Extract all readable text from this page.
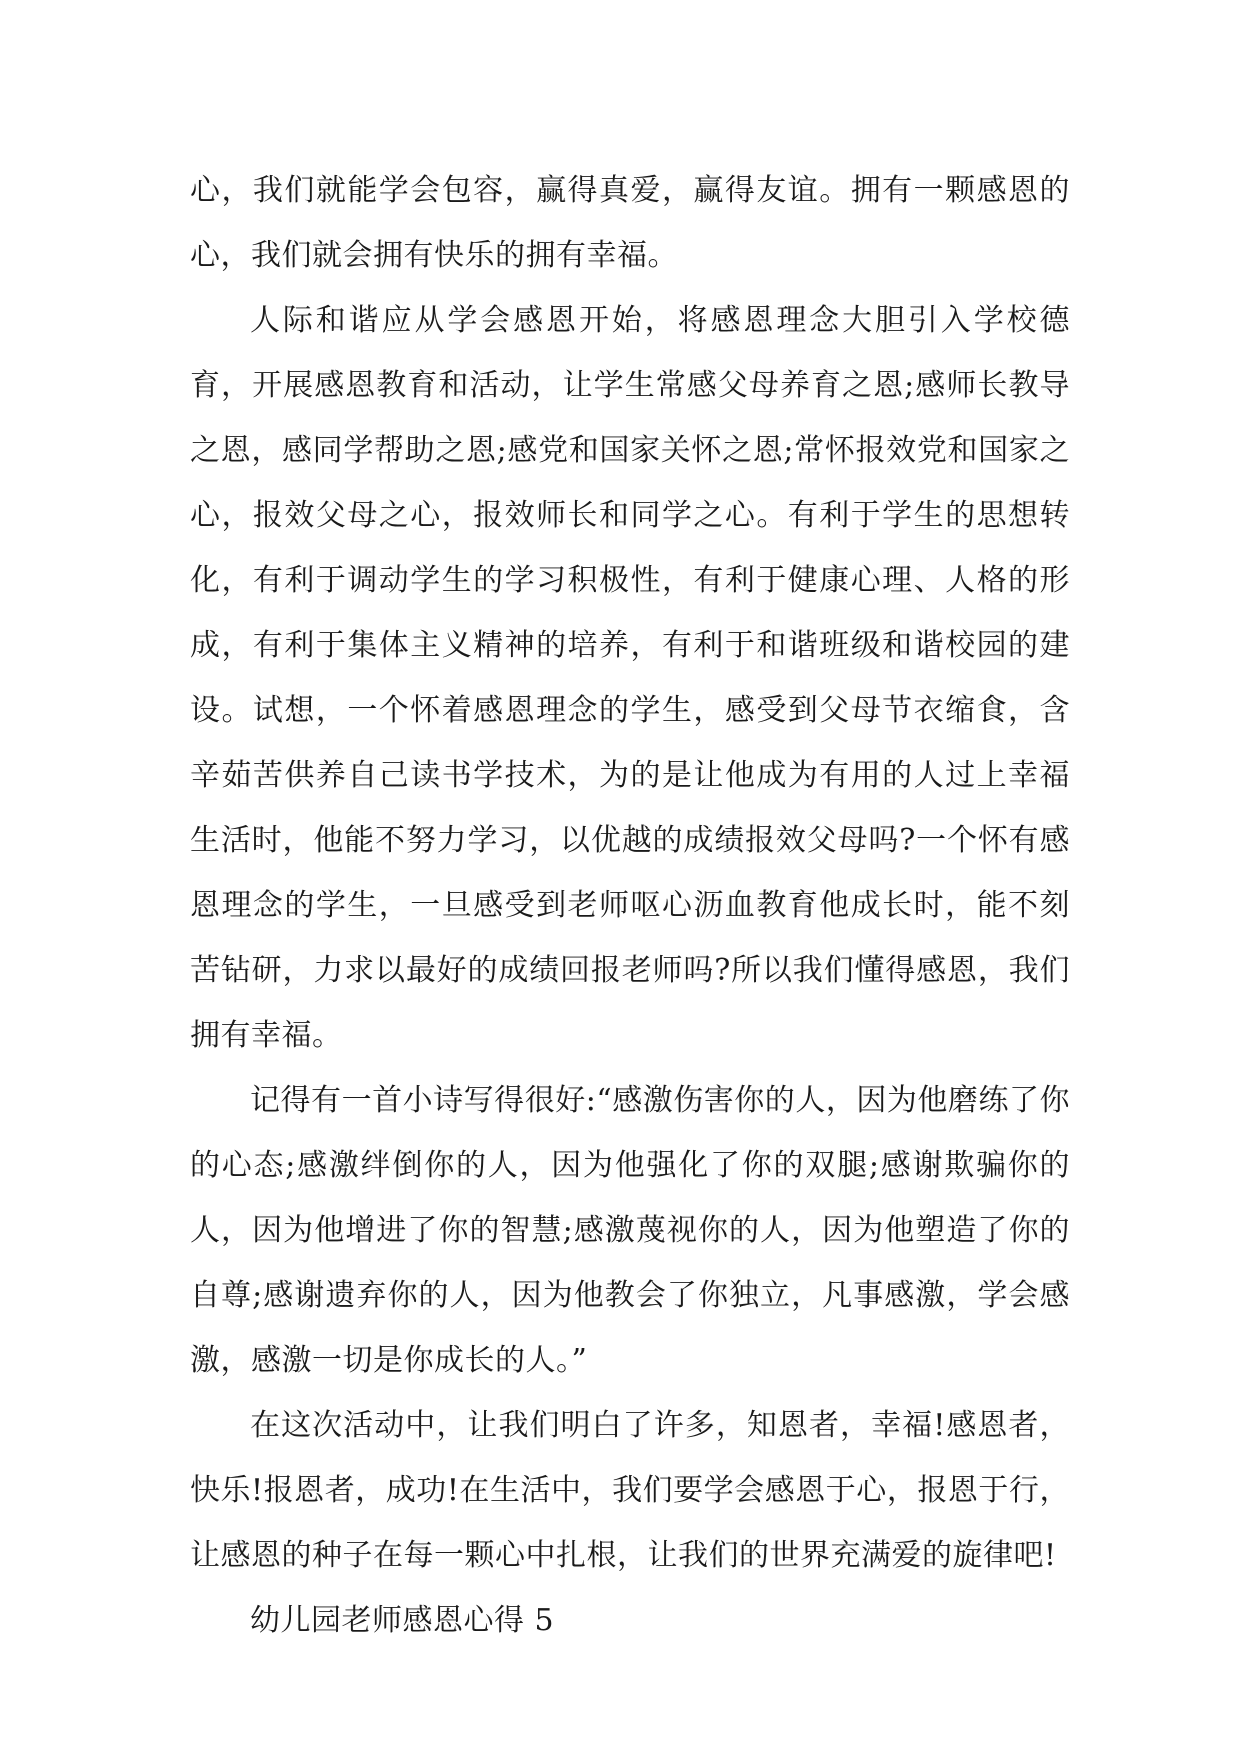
心，我们就能学会包容，赢得真爱，赢得友谊。拥有一颗感恩的心，我们就会拥有快乐的拥有幸福。

人际和谐应从学会感恩开始，将感恩理念大胆引入学校德育，开展感恩教育和活动，让学生常感父母养育之恩;感师长教导之恩，感同学帮助之恩;感党和国家关怀之恩;常怀报效党和国家之心，报效父母之心，报效师长和同学之心。有利于学生的思想转化，有利于调动学生的学习积极性，有利于健康心理、人格的形成，有利于集体主义精神的培养，有利于和谐班级和谐校园的建设。试想，一个怀着感恩理念的学生，感受到父母节衣缩食，含辛茹苦供养自己读书学技术，为的是让他成为有用的人过上幸福生活时，他能不努力学习，以优越的成绩报效父母吗?一个怀有感恩理念的学生，一旦感受到老师呕心沥血教育他成长时，能不刻苦钻研，力求以最好的成绩回报老师吗?所以我们懂得感恩，我们拥有幸福。

记得有一首小诗写得很好:“感激伤害你的人，因为他磨练了你的心态;感激绊倒你的人，因为他强化了你的双腿;感谢欺骗你的人，因为他增进了你的智慧;感激蔑视你的人，因为他塑造了你的自尊;感谢遗弃你的人，因为他教会了你独立，凡事感激，学会感激，感激一切是你成长的人。”

在这次活动中，让我们明白了许多，知恩者，幸福!感恩者，快乐!报恩者，成功!在生活中，我们要学会感恩于心，报恩于行，让感恩的种子在每一颗心中扎根，让我们的世界充满爱的旋律吧!

幼儿园老师感恩心得 5
